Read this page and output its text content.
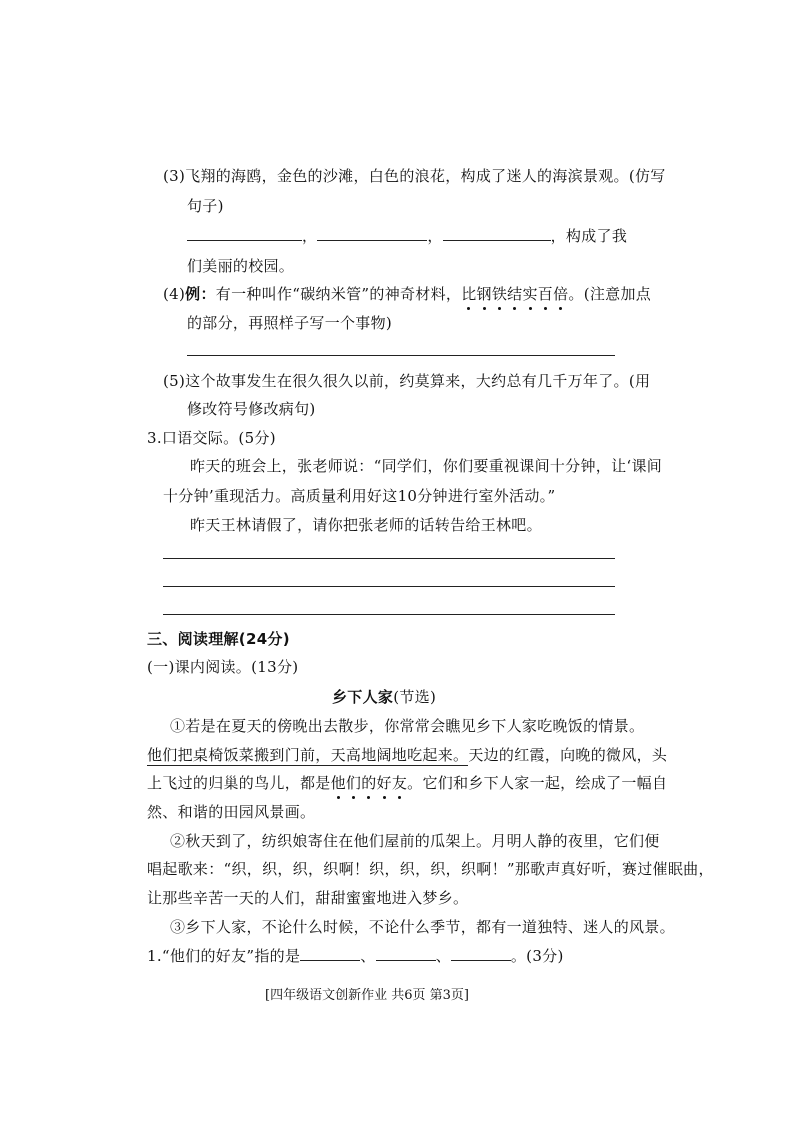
(3)飞翔的海鸥，金色的沙滩，白色的浪花，构成了迷人的海滨景观。(仿写
句子)
，	，	，构成了我
们美丽的校园。
(4)例：有一种叫作“碳纳米管”的神奇材料，比钢铁结实百倍。(注意加点
的部分，再照样子写一个事物)
(5)这个故事发生在很久很久以前，约莫算来，大约总有几千万年了。(用
修改符号修改病句)
3.口语交际。(5分)
昨天的班会上，张老师说：“同学们，你们要重视课间十分钟，让‘课间
十分钟’重现活力。高质量利用好这10分钟进行室外活动。”
昨天王林请假了，请你把张老师的话转告给王林吧。
三、阅读理解(24分)
(一)课内阅读。(13分)
乡下人家(节选)
①若是在夏天的傍晚出去散步，你常常会瞧见乡下人家吃晚饭的情景。
他们把桌椅饭菜搬到门前，天高地阔地吃起来。天边的红霞，向晚的微风，头
上飞过的归巢的鸟儿，都是他们的好友。它们和乡下人家一起，绘成了一幅自
然、和谐的田园风景画。
②秋天到了，纺织娘寄住在他们屋前的瓜架上。月明人静的夜里，它们便
唱起歌来：“织，织，织，织啊！织，织，织，织啊！”那歌声真好听，赛过催眠曲，
让那些辛苦一天的人们，甜甜蜜蜜地进入梦乡。
③乡下人家，不论什么时候，不论什么季节，都有一道独特、迷人的风景。
1.“他们的好友”指的是	、	、	。(3分)
[四年级语文创新作业 共6页 第3页]
